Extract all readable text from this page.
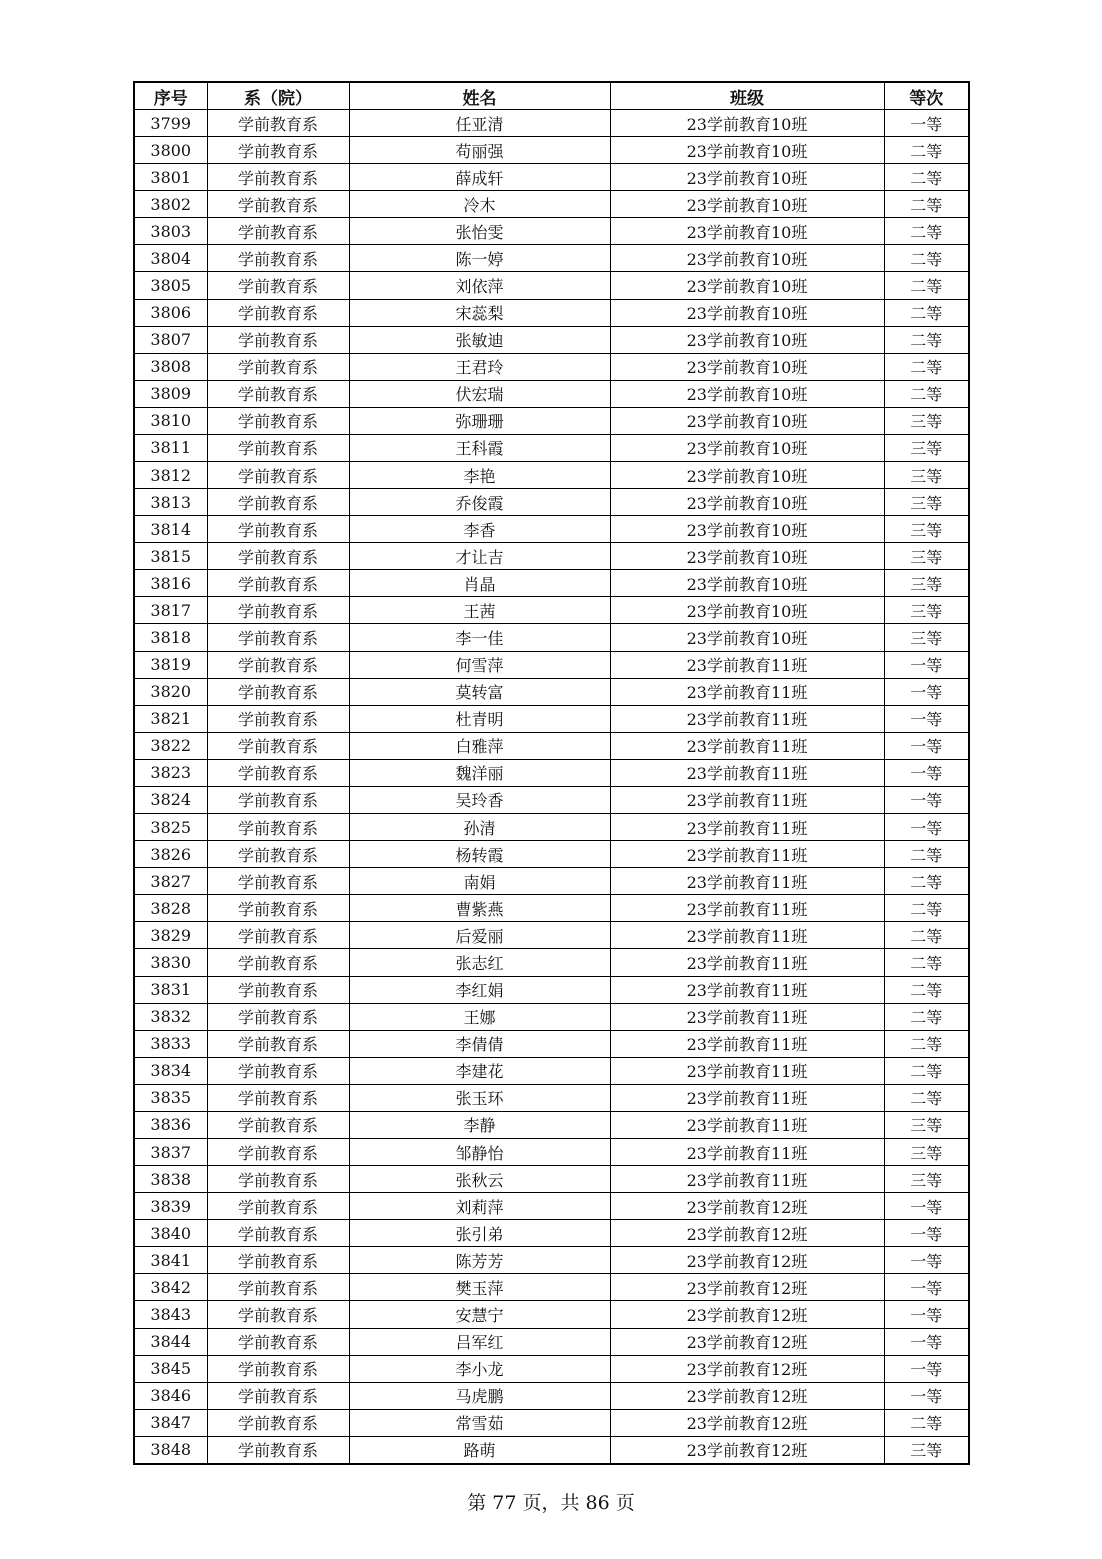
序号	系（院）	姓名	班级	等次
3799	学前教育系	任亚清	23学前教育10班	一等
3800	学前教育系	苟丽强	23学前教育10班	二等
3801	学前教育系	薛成轩	23学前教育10班	二等
3802	学前教育系	冷木	23学前教育10班	二等
3803	学前教育系	张怡雯	23学前教育10班	二等
3804	学前教育系	陈一婷	23学前教育10班	二等
3805	学前教育系	刘依萍	23学前教育10班	二等
3806	学前教育系	宋蕊梨	23学前教育10班	二等
3807	学前教育系	张敏迪	23学前教育10班	二等
3808	学前教育系	王君玲	23学前教育10班	二等
3809	学前教育系	伏宏瑞	23学前教育10班	二等
3810	学前教育系	弥珊珊	23学前教育10班	三等
3811	学前教育系	王科霞	23学前教育10班	三等
3812	学前教育系	李艳	23学前教育10班	三等
3813	学前教育系	乔俊霞	23学前教育10班	三等
3814	学前教育系	李香	23学前教育10班	三等
3815	学前教育系	才让吉	23学前教育10班	三等
3816	学前教育系	肖晶	23学前教育10班	三等
3817	学前教育系	王茜	23学前教育10班	三等
3818	学前教育系	李一佳	23学前教育10班	三等
3819	学前教育系	何雪萍	23学前教育11班	一等
3820	学前教育系	莫转富	23学前教育11班	一等
3821	学前教育系	杜青明	23学前教育11班	一等
3822	学前教育系	白雅萍	23学前教育11班	一等
3823	学前教育系	魏洋丽	23学前教育11班	一等
3824	学前教育系	吴玲香	23学前教育11班	一等
3825	学前教育系	孙清	23学前教育11班	一等
3826	学前教育系	杨转霞	23学前教育11班	二等
3827	学前教育系	南娟	23学前教育11班	二等
3828	学前教育系	曹紫燕	23学前教育11班	二等
3829	学前教育系	后爱丽	23学前教育11班	二等
3830	学前教育系	张志红	23学前教育11班	二等
3831	学前教育系	李红娟	23学前教育11班	二等
3832	学前教育系	王娜	23学前教育11班	二等
3833	学前教育系	李倩倩	23学前教育11班	二等
3834	学前教育系	李建花	23学前教育11班	二等
3835	学前教育系	张玉环	23学前教育11班	二等
3836	学前教育系	李静	23学前教育11班	三等
3837	学前教育系	邹静怡	23学前教育11班	三等
3838	学前教育系	张秋云	23学前教育11班	三等
3839	学前教育系	刘莉萍	23学前教育12班	一等
3840	学前教育系	张引弟	23学前教育12班	一等
3841	学前教育系	陈芳芳	23学前教育12班	一等
3842	学前教育系	樊玉萍	23学前教育12班	一等
3843	学前教育系	安慧宁	23学前教育12班	一等
3844	学前教育系	吕军红	23学前教育12班	一等
3845	学前教育系	李小龙	23学前教育12班	一等
3846	学前教育系	马虎鹏	23学前教育12班	一等
3847	学前教育系	常雪茹	23学前教育12班	二等
3848	学前教育系	路萌	23学前教育12班	三等
第 77 页，共 86 页
